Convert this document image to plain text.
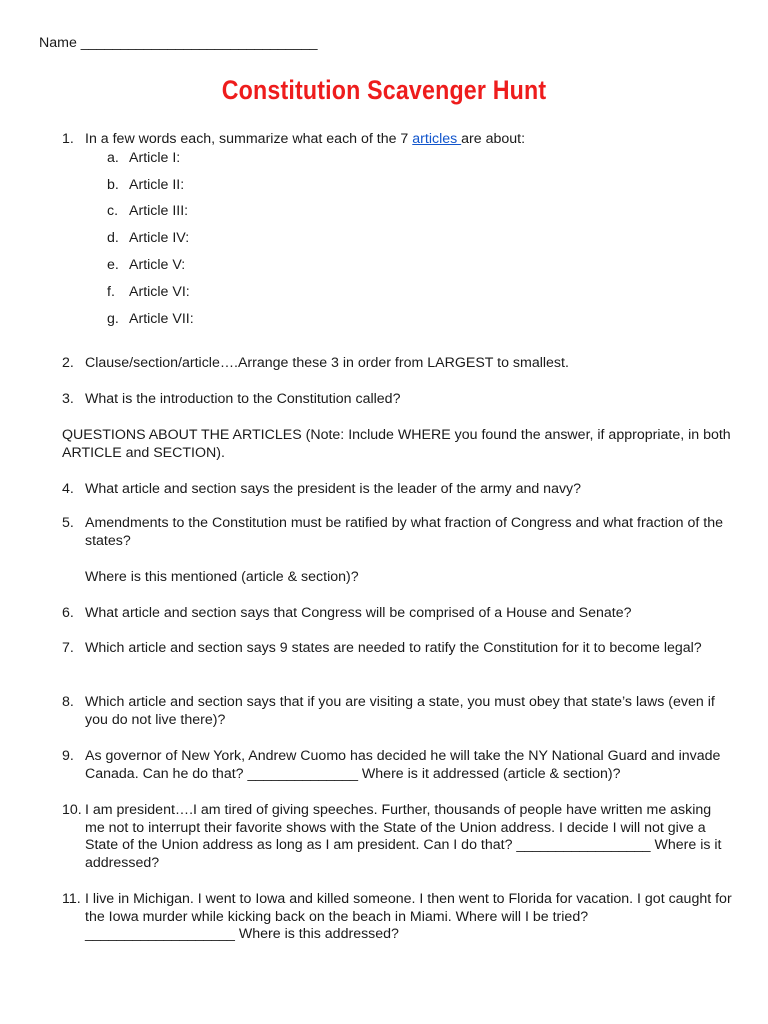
Name ______________________________
Constitution Scavenger Hunt
1. In a few words each, summarize what each of the 7 articles are about:
a. Article I:
b. Article II:
c. Article III:
d. Article IV:
e. Article V:
f. Article VI:
g. Article VII:
2. Clause/section/article….Arrange these 3 in order from LARGEST to smallest.
3. What is the introduction to the Constitution called?
QUESTIONS ABOUT THE ARTICLES (Note: Include WHERE you found the answer, if appropriate, in both ARTICLE and SECTION).
4. What article and section says the president is the leader of the army and navy?
5. Amendments to the Constitution must be ratified by what fraction of Congress and what fraction of the states?
Where is this mentioned (article & section)?
6. What article and section says that Congress will be comprised of a House and Senate?
7. Which article and section says 9 states are needed to ratify the Constitution for it to become legal?
8. Which article and section says that if you are visiting a state, you must obey that state’s laws (even if you do not live there)?
9. As governor of New York, Andrew Cuomo has decided he will take the NY National Guard and invade Canada. Can he do that? ______________ Where is it addressed (article & section)?
10. I am president….I am tired of giving speeches. Further, thousands of people have written me asking me not to interrupt their favorite shows with the State of the Union address. I decide I will not give a State of the Union address as long as I am president. Can I do that? _________________ Where is it addressed?
11. I live in Michigan. I went to Iowa and killed someone. I then went to Florida for vacation. I got caught for the Iowa murder while kicking back on the beach in Miami. Where will I be tried? ___________________ Where is this addressed?
